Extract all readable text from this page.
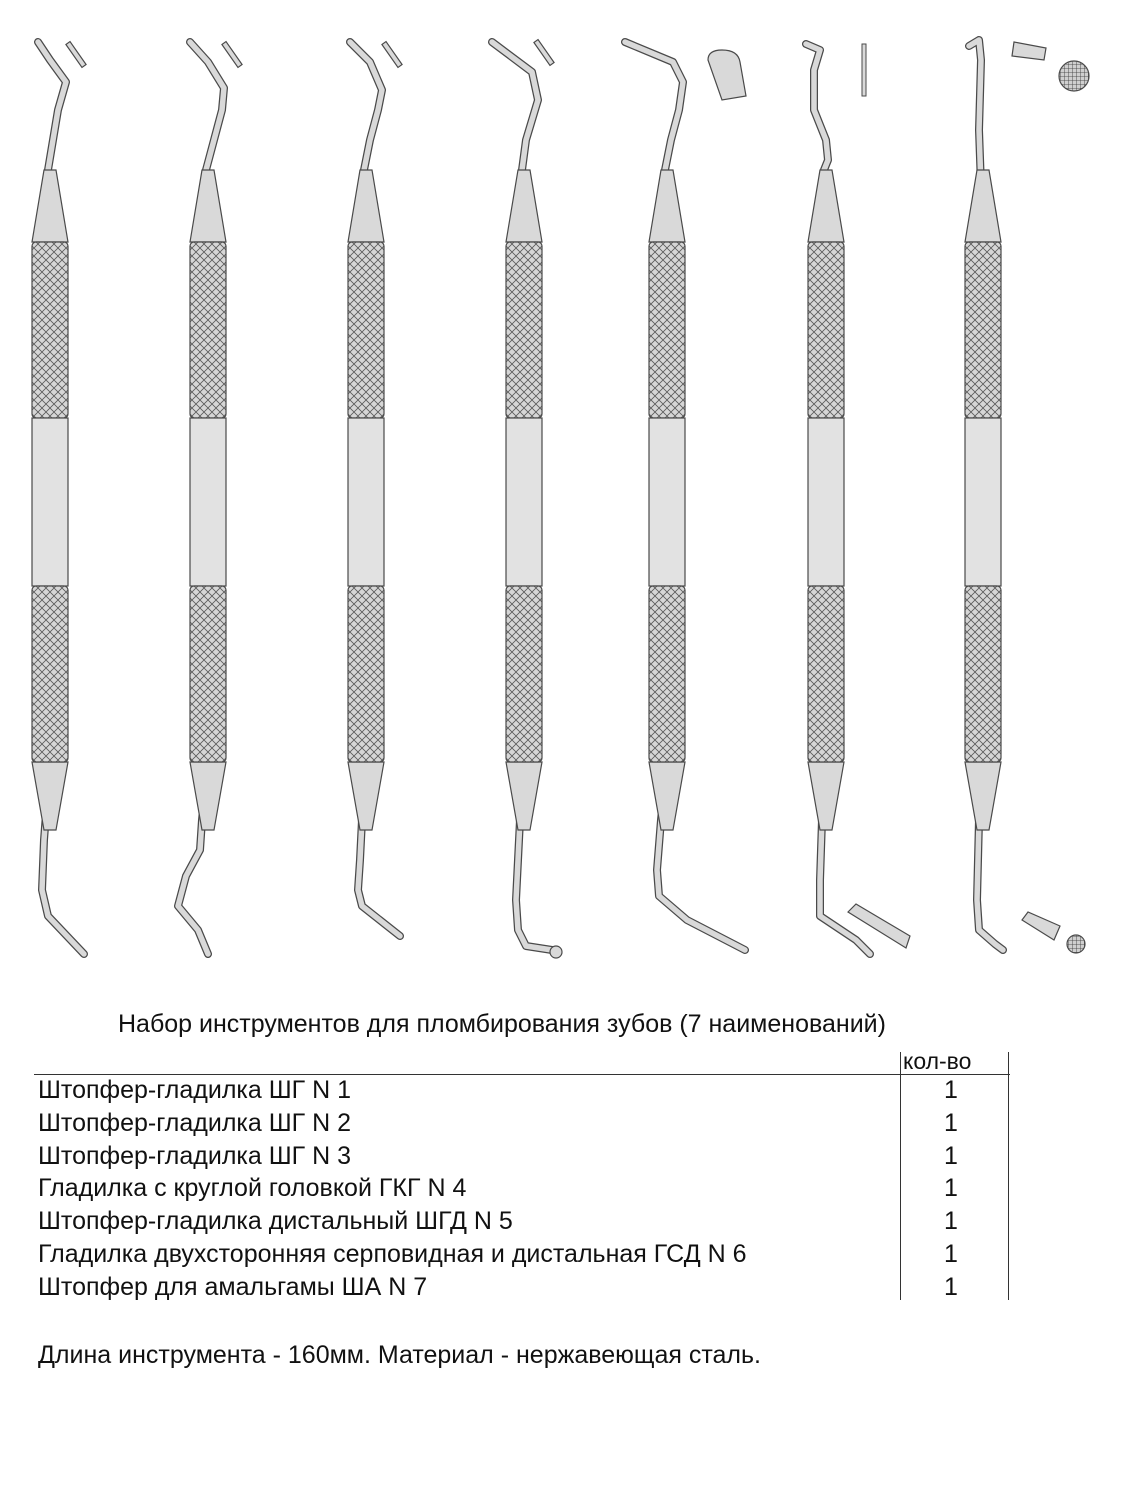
Набор инструментов для пломбирования зубов (7 наименований)
кол-во
Штопфер-гладилка ШГ N 1	1
Штопфер-гладилка ШГ N 2	1
Штопфер-гладилка ШГ N 3	1
Гладилка с круглой головкой ГКГ N 4	1
Штопфер-гладилка дистальный ШГД N 5	1
Гладилка двухсторонняя серповидная и дистальная ГСД N 6	1
Штопфер для амальгамы ША N 7	1
Длина инструмента - 160мм. Материал - нержавеющая сталь.
